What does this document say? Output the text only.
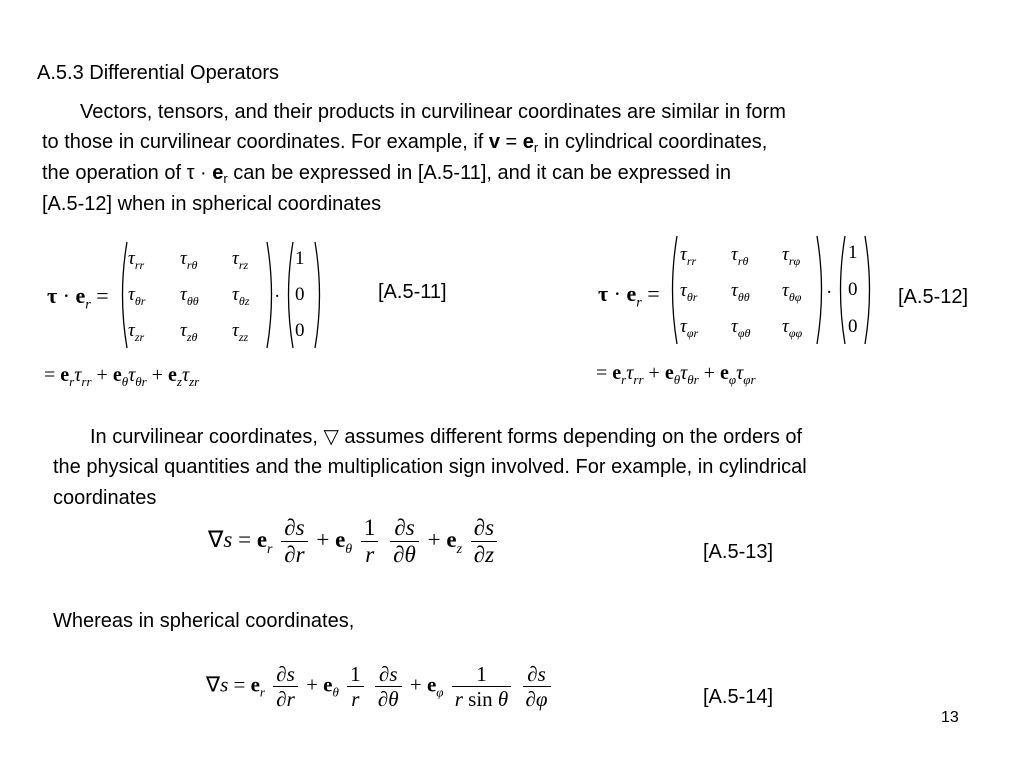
A.5.3 Differential Operators
Vectors, tensors, and their products in curvilinear coordinates are similar in form
to those in curvilinear coordinates. For example, if $v = e_r$ in cylindrical coordinates,
the operation of $\tau \cdot e_r$ can be expressed in [A.5-11], and it can be expressed in
[A.5-12] when in spherical coordinates
$\tau \cdot e_r$ =
$\tau_{rr}$ $\tau_{r\theta}$ $\tau_{rz}$
$\tau_{\theta r}$ $\tau_{\theta\theta}$ $\tau_{\theta z}$
$\tau_{zr}$ $\tau_{z\theta}$ $\tau_{zz}$
·
1
0
0
= $e_r\tau_{rr} + e_\theta\tau_{\theta r} + e_z\tau_{zr}$
[A.5-11]	$\tau \cdot e_r$ =
$\tau_{rr}$ $\tau_{r\theta}$ $\tau_{r\varphi}$
$\tau_{\theta r}$ $\tau_{\theta\theta}$ $\tau_{\theta\varphi}$
$\tau_{\varphi r}$ $\tau_{\varphi\theta}$ $\tau_{\varphi\varphi}$
·
1
0
0
= $e_r\tau_{rr} + e_\theta\tau_{\theta r} + e_\varphi\tau_{\varphi r}$
[A.5-12]
In curvilinear coordinates, ▽ assumes different forms depending on the orders of
the physical quantities and the multiplication sign involved. For example, in cylindrical
coordinates
$\nabla s = e_r \frac{\partial s}{\partial r} + e_\theta \frac{1}{r}$
$\frac{\partial s}{\partial\theta} + e_z \frac{\partial s}{\partial z}$	[A.5-13]
Whereas in spherical coordinates,
$\nabla s = e_r \frac{\partial s}{\partial r} + e_\theta \frac{1}{r}$
$\frac{\partial s}{\partial\theta} + e_\varphi \frac{1}{\text{r sin θ}}$
$\frac{\partial s}{\partial\varphi}$	[A.5-14]
13
